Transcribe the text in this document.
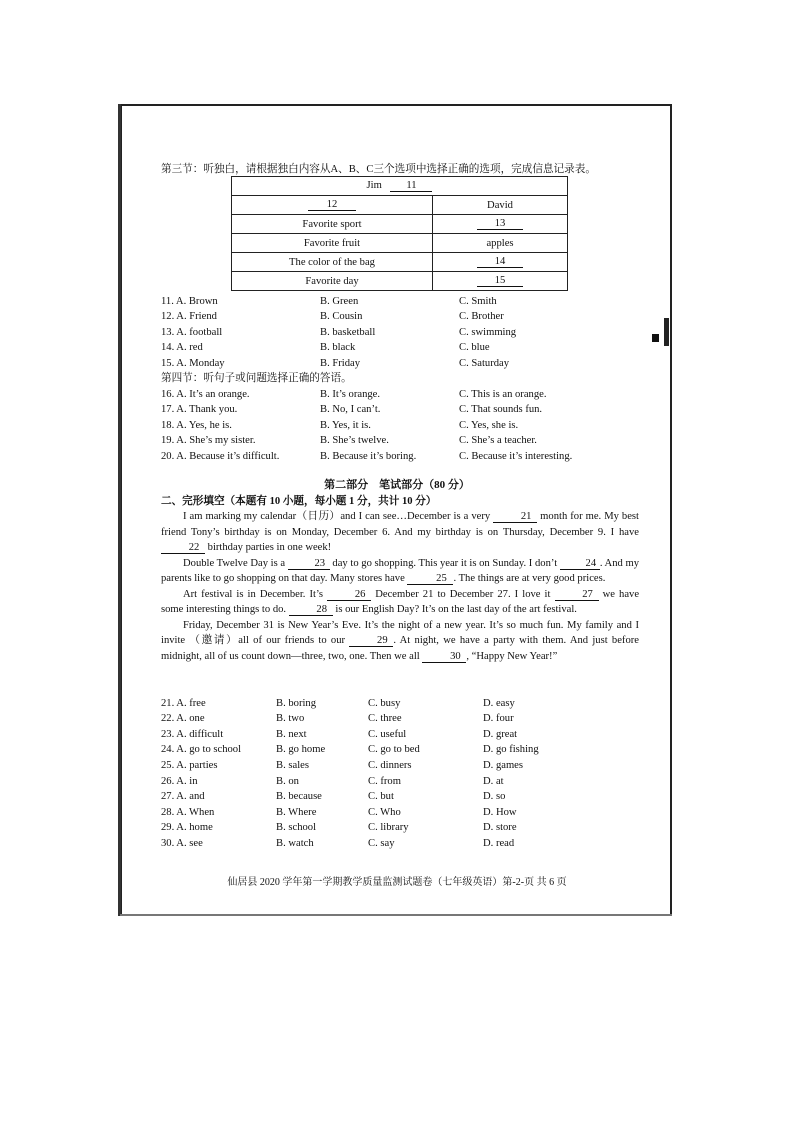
第三节：听独白，请根据独白内容从A、B、C三个选项中选择正确的选项，完成信息记录表。
Jim 11	
12	David
Favorite sport	13
Favorite fruit	apples
The color of the bag	14
Favorite day	15
11. A. Brown	B. Green	C. Smith
12. A. Friend	B. Cousin	C. Brother
13. A. football	B. basketball	C. swimming
14. A. red	B. black	C. blue
15. A. Monday	B. Friday	C. Saturday
第四节：听句子或问题选择正确的答语。
16. A. It’s an orange.	B. It’s orange.	C. This is an orange.
17. A. Thank you.	B. No, I can’t.	C. That sounds fun.
18. A. Yes, he is.	B. Yes, it is.	C. Yes, she is.
19. A. She’s my sister.	B. She’s twelve.	C. She’s a teacher.
20. A. Because it’s difficult.	B. Because it’s boring.	C. Because it’s interesting.
第二部分　笔试部分（80 分）
二、完形填空（本题有 10 小题，每小题 1 分，共计 10 分）

I am marking my calendar（日历）and I can see…December is a very	21 month for me. My best friend Tony’s birthday is on Monday, December 6. And my birthday is on Thursday, December 9. I have 22 birthday parties in one week!

Double Twelve Day is a	23 day to go shopping. This year it is on Sunday. I don’t	24 . And my parents like to go shopping on that day. Many stores have	25 . The things are at very good prices.

Art festival is in December. It’s	26 December 21 to December 27. I love it	27 we have some interesting things to do.	28 is our English Day? It’s on the last day of the art festival.

Friday, December 31 is New Year’s Eve. It’s the night of a new year. It’s so much fun. My family and I invite （邀请）all of our friends to our	29 . At night, we have a party with them. And just before midnight, all of us count down—three, two, one. Then we all	30 , “Happy New Year!”

21. A. free	B. boring	C. busy	D. easy
22. A. one	B. two	C. three	D. four
23. A. difficult	B. next	C. useful	D. great
24. A. go to school	B. go home	C. go to bed	D. go fishing
25. A. parties	B. sales	C. dinners	D. games
26. A. in	B. on	C. from	D. at
27. A. and	B. because	C. but	D. so
28. A. When	B. Where	C. Who	D. How
29. A. home	B. school	C. library	D. store
30. A. see	B. watch	C. say	D. read
仙居县 2020 学年第一学期教学质量监测试题卷（七年级英语）第-2-页 共 6 页
